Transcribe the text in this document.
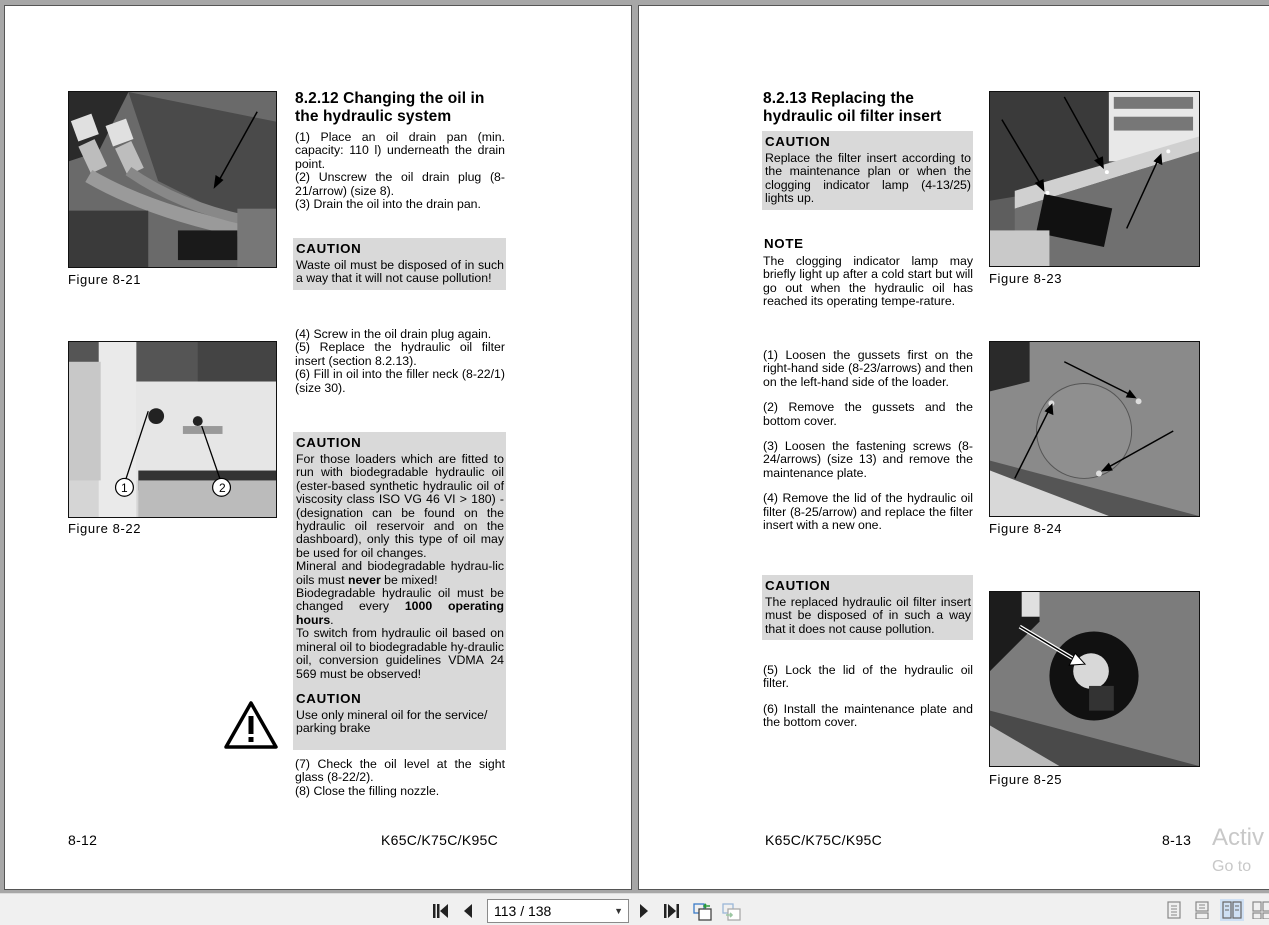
Figure 8-21
1	2
Figure 8-22
8.2.12 Changing the oil in the hydraulic system
(1) Place an oil drain pan (min. capacity: 110 l) underneath the drain point.
(2) Unscrew the oil drain plug (8-21/arrow) (size 8).
(3) Drain the oil into the drain pan.
CAUTION
Waste oil must be disposed of in such a way that it will not cause pollution!
(4) Screw in the oil drain plug again.
(5) Replace the hydraulic oil filter insert (section 8.2.13).
(6) Fill in oil into the filler neck (8-22/1) (size 30).
CAUTION
For those loaders which are fitted to run with biodegradable hydraulic oil (ester-based synthetic hydraulic oil of viscosity class ISO VG 46 VI > 180) - (designation can be found on the hydraulic oil reservoir and on the dashboard), only this type of oil may be used for oil changes.
Mineral and biodegradable hydrau-lic oils must never be mixed!
Biodegradable hydraulic oil must be changed every 1000 operating hours.
To switch from hydraulic oil based on mineral oil to biodegradable hy-draulic oil, conversion guidelines VDMA 24 569 must be observed!
CAUTION
Use only mineral oil for the service/ parking brake
(7) Check the oil level at the sight glass (8-22/2).
(8) Close the filling nozzle.
8-12	K65C/K75C/K95C
8.2.13 Replacing the hydraulic oil filter insert
CAUTION
Replace the filter insert according to the maintenance plan or when the clogging indicator lamp (4-13/25) lights up.
NOTE
The clogging indicator lamp may briefly light up after a cold start but will go out when the hydraulic oil has reached its operating tempe-rature.
(1) Loosen the gussets first on the right-hand side (8-23/arrows) and then on the left-hand side of the loader.
(2) Remove the gussets and the bottom cover.
(3) Loosen the fastening screws (8-24/arrows) (size 13) and remove the maintenance plate.
(4) Remove the lid of the hydraulic oil filter (8-25/arrow) and replace the filter insert with a new one.
CAUTION
The replaced hydraulic oil filter insert must be disposed of in such a way that it does not cause pollution.
(5) Lock the lid of the hydraulic oil filter.
(6) Install the maintenance plate and the bottom cover.
Figure 8-23
Figure 8-24
Figure 8-25
K65C/K75C/K95C	8-13 Activ
Go to
113 / 138	▼
